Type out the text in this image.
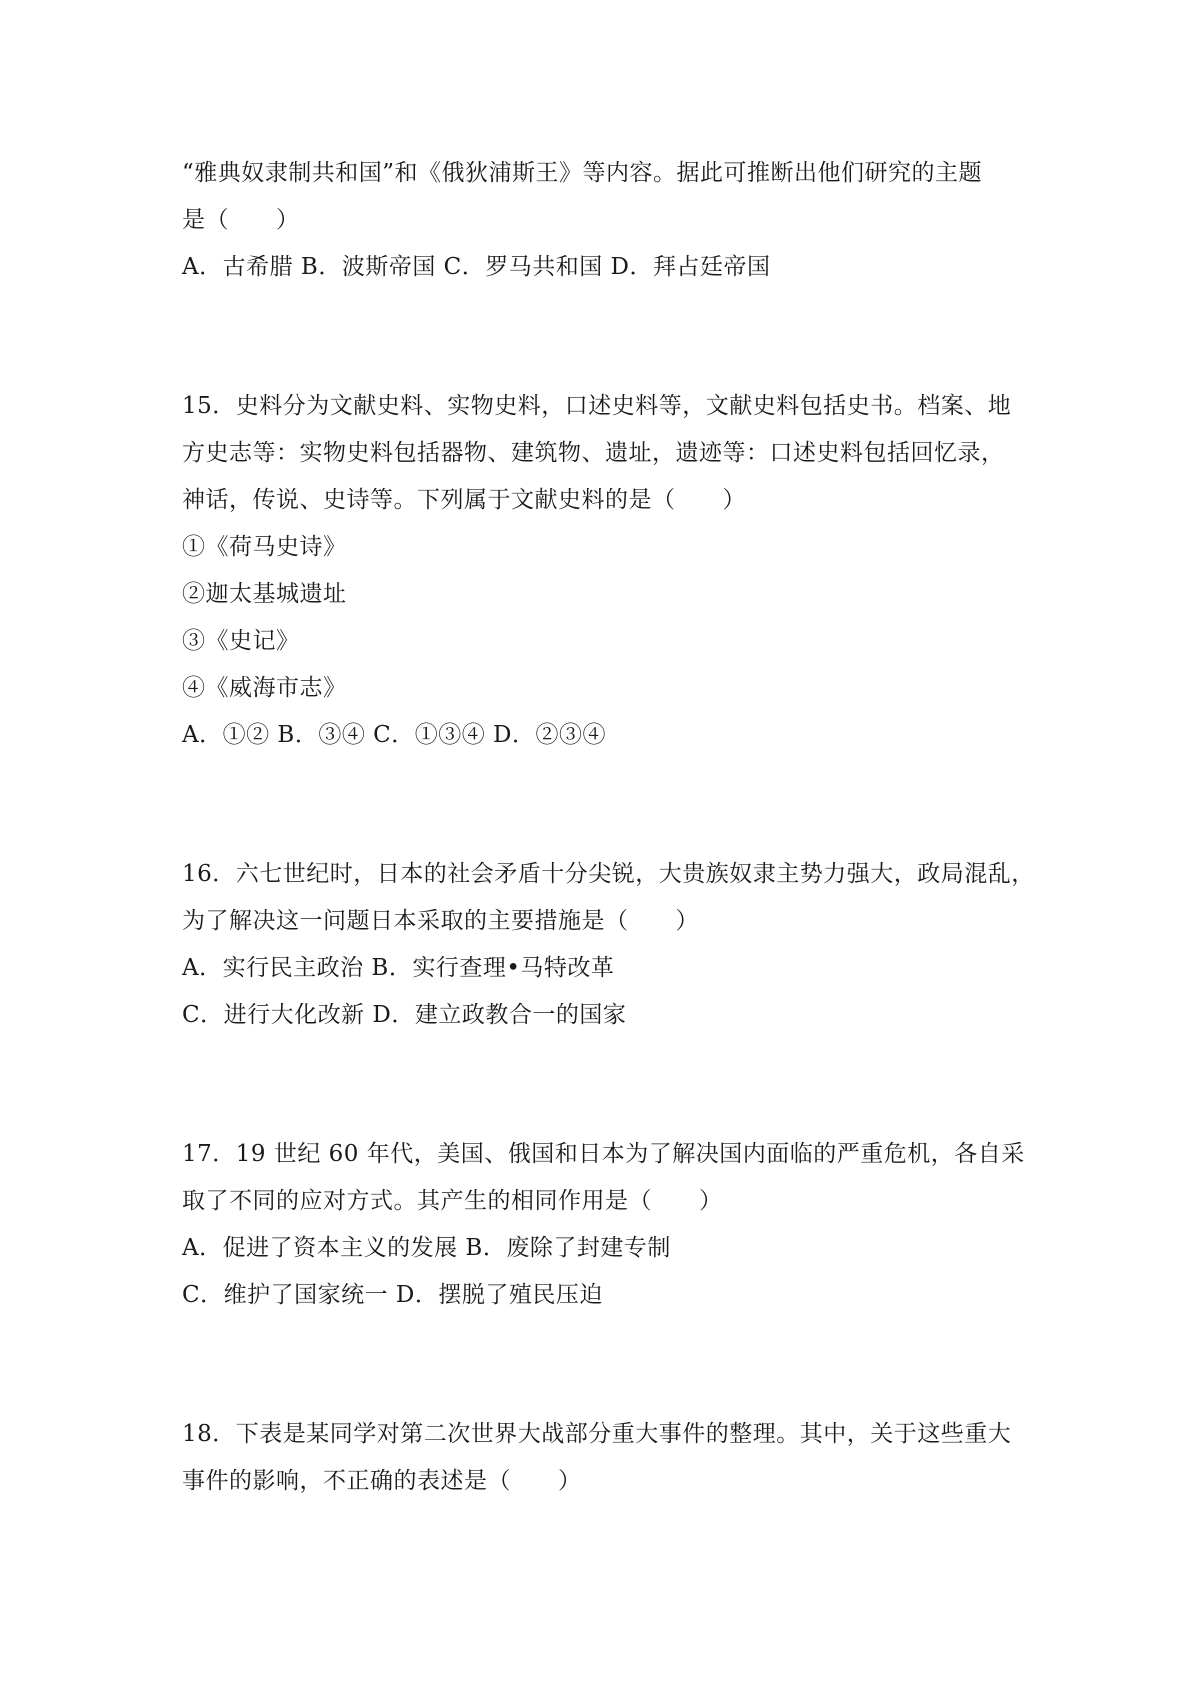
“雅典奴隶制共和国”和《俄狄浦斯王》等内容。据此可推断出他们研究的主题
是（　　）
A．古希腊 B．波斯帝国 C．罗马共和国 D．拜占廷帝国
15．史料分为文献史料、实物史料，口述史料等，文献史料包括史书。档案、地
方史志等：实物史料包括器物、建筑物、遗址，遗迹等：口述史料包括回忆录，
神话，传说、史诗等。下列属于文献史料的是（　　）
①《荷马史诗》
②迦太基城遗址
③《史记》
④《威海市志》
A．①② B．③④ C．①③④ D．②③④
16．六七世纪时，日本的社会矛盾十分尖锐，大贵族奴隶主势力强大，政局混乱，
为了解决这一问题日本采取的主要措施是（　　）
A．实行民主政治 B．实行查理•马特改革
C．进行大化改新 D．建立政教合一的国家
17．19 世纪 60 年代，美国、俄国和日本为了解决国内面临的严重危机，各自采
取了不同的应对方式。其产生的相同作用是（　　）
A．促进了资本主义的发展 B．废除了封建专制
C．维护了国家统一 D．摆脱了殖民压迫
18．下表是某同学对第二次世界大战部分重大事件的整理。其中，关于这些重大
事件的影响，不正确的表述是（　　）
